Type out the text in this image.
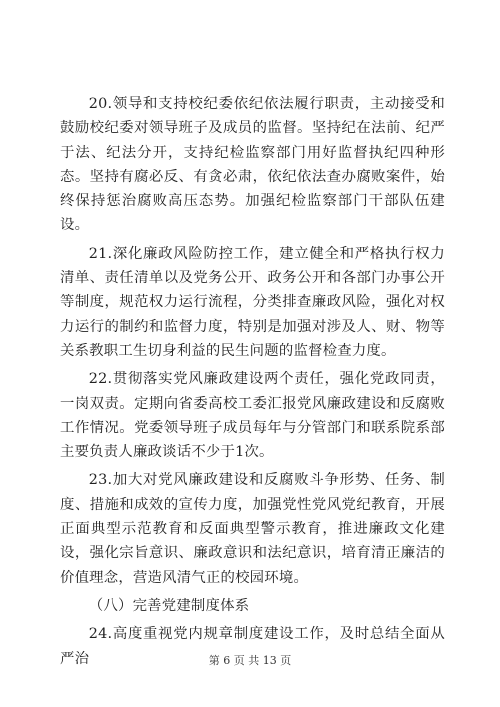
20.领导和支持校纪委依纪依法履行职责，主动接受和鼓励校纪委对领导班子及成员的监督。坚持纪在法前、纪严于法、纪法分开，支持纪检监察部门用好监督执纪四种形态。坚持有腐必反、有贪必肃，依纪依法查办腐败案件，始终保持惩治腐败高压态势。加强纪检监察部门干部队伍建设。

21.深化廉政风险防控工作，建立健全和严格执行权力清单、责任清单以及党务公开、政务公开和各部门办事公开等制度，规范权力运行流程，分类排查廉政风险，强化对权力运行的制约和监督力度，特别是加强对涉及人、财、物等关系教职工生切身利益的民生问题的监督检查力度。

22.贯彻落实党风廉政建设两个责任，强化党政同责，一岗双责。定期向省委高校工委汇报党风廉政建设和反腐败工作情况。党委领导班子成员每年与分管部门和联系院系部主要负责人廉政谈话不少于1次。

23.加大对党风廉政建设和反腐败斗争形势、任务、制度、措施和成效的宣传力度，加强党性党风党纪教育，开展正面典型示范教育和反面典型警示教育，推进廉政文化建设，强化宗旨意识、廉政意识和法纪意识，培育清正廉洁的价值理念，营造风清气正的校园环境。

（八）完善党建制度体系

24.高度重视党内规章制度建设工作，及时总结全面从严治	第 6 页 共 13 页
